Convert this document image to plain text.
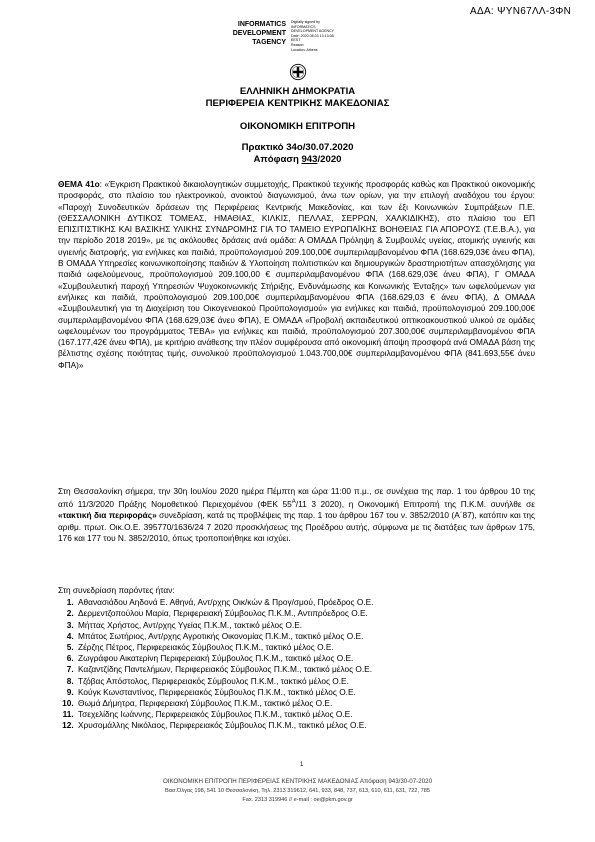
ΑΔΑ: ΨΥΝ67ΛΛ-3ΦΝ
INFORMATICS
DEVELOPMENT
TAGENCY
Digitally signed by
INFORMATICS
DEVELOPMENT AGENCY
Date: 2020.08.03 13:13:08
EEST
Reason:
Location: Athens
ΕΛΛΗΝΙΚΗ ΔΗΜΟΚΡΑΤΙΑ
ΠΕΡΙΦΕΡΕΙΑ ΚΕΝΤΡΙΚΗΣ ΜΑΚΕΔΟΝΙΑΣ
ΟΙΚΟΝΟΜΙΚΗ ΕΠΙΤΡΟΠΗ
Πρακτικό 34ο/30.07.2020
Απόφαση 943/2020
ΘΕΜΑ 41ο: «Έγκριση Πρακτικού δικαιολογητικών συμμετοχής, Πρακτικού τεχνικής προσφοράς καθώς και Πρακτικού οικονομικής προσφοράς, στο πλαίσιο του ηλεκτρονικού, ανοικτού διαγωνισμού, άνω των ορίων, για την επιλογή αναδόχου του έργου: «Παροχή Συνοδευτικών δράσεων της Περιφέρειας Κεντρικής Μακεδονίας, και των έξι Κοινωνικών Συμπράξεων Π.Ε. (ΘΕΣΣΑΛΟΝΙΚΗ ΔΥΤΙΚΟΣ ΤΟΜΕΑΣ, ΗΜΑΘΙΑΣ, ΚΙΛΚΙΣ, ΠΕΛΛΑΣ, ΣΕΡΡΩΝ, ΧΑΛΚΙΔΙΚΗΣ), στο πλαίσιο του ΕΠ ΕΠΙΣΙΤΙΣΤΙΚΗΣ ΚΑΙ ΒΑΣΙΚΗΣ ΥΛΙΚΗΣ ΣΥΝΔΡΟΜΗΣ ΓΙΑ ΤΟ ΤΑΜΕΙΟ ΕΥΡΩΠΑΪΚΗΣ ΒΟΗΘΕΙΑΣ ΓΙΑ ΑΠΟΡΟΥΣ (Τ.Ε.Β.Α.), για την περίοδο 2018 2019», με τις ακόλουθες δράσεις ανά ομάδα: Α ΟΜΑΔΑ Πρόληψη & Συμβουλές υγείας, ατομικής υγιεινής και υγιεινής διατροφής, για ενήλικες και παιδιά, προϋπολογισμού 209.100,00€ συμπεριλαμβανομένου ΦΠΑ (168.629,03€ άνευ ΦΠΑ), Β ΟΜΑΔΑ Υπηρεσίες κοινωνικοποίησης παιδιών & Υλοποίηση πολιτιστικών και δημιουργικών δραστηριοτήτων απασχόλησης για παιδιά ωφελούμενους, προϋπολογισμού 209.100,00 € συμπεριλαμβανομένου ΦΠΑ (168.629,03€ άνευ ΦΠΑ), Γ ΟΜΑΔΑ «Συμβουλευτική παροχή Υπηρεσιών Ψυχοκοινωνικής Στήριξης, Ενδυνάμωσης και Κοινωνικής Ένταξης» των ωφελούμενων για ενήλικες και παιδιά, προϋπολογισμού 209.100,00€ συμπεριλαμβανομένου ΦΠΑ (168.629,03 € άνευ ΦΠΑ), Δ ΟΜΑΔΑ «Συμβουλευτική για τη Διαχείριση του Οικογενειακού Προϋπολογισμού» για ενήλικες και παιδιά, προϋπολογισμού 209.100,00€ συμπεριλαμβανομένου ΦΠΑ (168.629,03€ άνευ ΦΠΑ), Ε ΟΜΑΔΑ «Προβολή ακπαιδευτικού οπτικοακουστικού υλικού σε ομάδες ωφελουμένων του προγράμματος ΤΕΒΑ» για ενήλικες και παιδιά, προϋπολογισμού 207.300,00€ συμπεριλαμβανομένου ΦΠΑ (167.177,42€ άνευ ΦΠΑ), με κριτήριο ανάθεσης την πλέον συμφέρουσα από οικονομική άποψη προσφορά ανά ΟΜΑΔΑ βάση της βέλτιστης σχέσης ποιότητας τιμής, συνολικού προϋπολογισμού 1.043.700,00€ συμπεριλαμβανομένου ΦΠΑ (841.693,55€ άνευ ΦΠΑ)»
Στη Θεσσαλονίκη σήμερα, την 30η Ιουλίου 2020 ημέρα Πέμπτη και ώρα 11:00 π.μ., σε συνέχεια της παρ. 1 του άρθρου 10 της από 11/3/2020 Πράξης Νομοθετικού Περιεχομένου (ΦΕΚ $55^A/11$ 3 2020), η Οικονομική Επιτροπή της Π.Κ.Μ. συνήλθε σε «τακτική δια περιφοράς» συνεδρίαση, κατά τις προβλέψεις της παρ. 1 του άρθρου 167 του ν. 3852/2010 (Α΄87), κατόπιν και της αριθμ. πρωτ. Οικ.Ο.Ε. 395770/1636/24 7 2020 προσκλήσεως της Προέδρου αυτής, σύμφωνα με τις διατάξεις των άρθρων 175, 176 και 177 του Ν. 3852/2010, όπως τροποποιήθηκε και ισχύει.
Στη συνεδρίαση παρόντες ήταν:
1. Αθανασιάδου Αηδονά Ε. Αθηνά, Αντ/ρχης Οικ/κών & Προγ/σμού, Πρόεδρος Ο.Ε.
2. Δερμεντζοπούλου Μαρία, Περιφερειακή Σύμβουλος Π.Κ.Μ., Αντιπρόεδρος Ο.Ε.
3. Μήττας Χρήστος, Αντ/ρχης Υγείας Π.Κ.Μ., τακτικό μέλος Ο.Ε.
4. Μπάτος Σωτήριος, Αντ/ρχης Αγροτικής Οικονομίας Π.Κ.Μ., τακτικό μέλος Ο.Ε.
5. Ζέρζης Πέτρος, Περιφερειακός Σύμβουλος Π.Κ.Μ., τακτικό μέλος Ο.Ε.
6. Ζωγράφου Αικατερίνη Περιφερειακή Σύμβουλος Π.Κ.Μ., τακτικό μέλος Ο.Ε.
7. Καζαντζίδης Παντελήμων, Περιφερειακός Σύμβουλος Π.Κ.Μ., τακτικό μέλος Ο.Ε.
8. Τζόβας Απόστολος, Περιφερειακός Σύμβουλος Π.Κ.Μ., τακτικό μέλος Ο.Ε.
9. Κούγκ Κωνσταντίνος, Περιφερειακός Σύμβουλος Π.Κ.Μ., τακτικό μέλος Ο.Ε.
10. Θωμά Δήμητρα, Περιφερειακή Σύμβουλος Π.Κ.Μ., τακτικό μέλος Ο.Ε.
11. Τσεχελίδης Ιωάννης, Περιφερειακός Σύμβουλος Π.Κ.Μ., τακτικό μέλος Ο.Ε.
12. Χρυσομάλλης Νικόλαος, Περιφερειακός Σύμβουλος Π.Κ.Μ., τακτικό μέλος Ο.Ε.
1
ΟΙΚΟΝΟΜΙΚΗ ΕΠΙΤΡΟΠΗ ΠΕΡΙΦΕΡΕΙΑΣ ΚΕΝΤΡΙΚΗΣ ΜΑΚΕΔΟΝΙΑΣ Απόφαση 943/30-07-2020
Βασ.Όλγας 198, 541 10 Θεσσαλονίκη, Τηλ. 2313 319612, 641, 933, 848, 737, 613, 610, 611, 631, 722, 785
Fax. 2313 319946 // e-mail : oe@pkm.gov.gr
